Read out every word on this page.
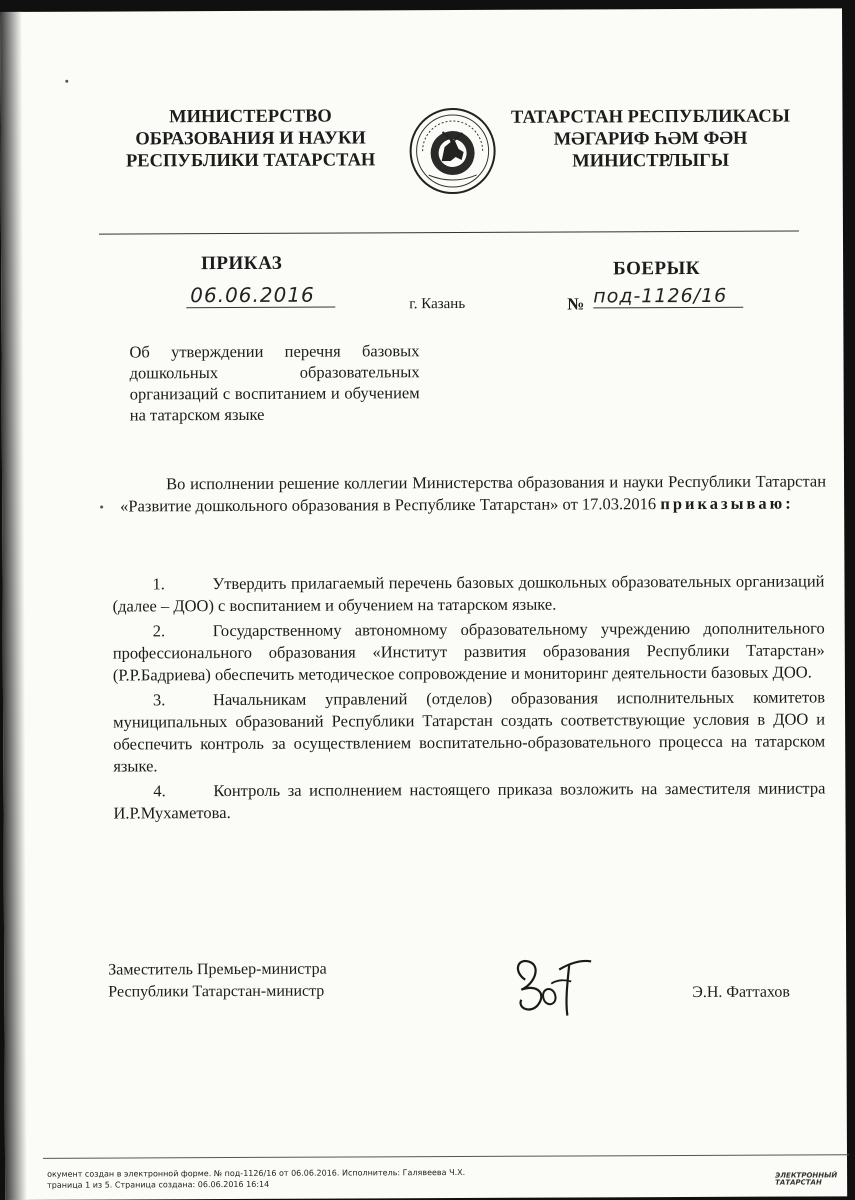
МИНИСТЕРСТВО
ОБРАЗОВАНИЯ И НАУКИ
РЕСПУБЛИКИ ТАТАРСТАН
ТАТАРСТАН РЕСПУБЛИКАСЫ
МӘГАРИФ ҺӘМ ФӘН
МИНИСТРЛЫГЫ
ПРИКАЗ	БОЕРЫК
06.06.2016	г. Казань	№ под-1126/16
Об утверждении перечня базовых дошкольных образовательных организаций с воспитанием и обучением на татарском языке
Во исполнении решение коллегии Министерства образования и науки Республики Татарстан «Развитие дошкольного образования в Республике Татарстан» от 17.03.2016 приказываю:
1.	Утвердить прилагаемый перечень базовых дошкольных образовательных организаций (далее – ДОО) с воспитанием и обучением на татарском языке.
2.	Государственному автономному образовательному учреждению дополнительного профессионального образования «Институт развития образования Республики Татарстан» (Р.Р.Бадриева) обеспечить методическое сопровождение и мониторинг деятельности базовых ДОО.
3.	Начальникам управлений (отделов) образования исполнительных комитетов муниципальных образований Республики Татарстан создать соответствующие условия в ДОО и обеспечить контроль за осуществлением воспитательно-образовательного процесса на татарском языке.
4.	Контроль за исполнением настоящего приказа возложить на заместителя министра И.Р.Мухаметова.
Заместитель Премьер-министра
Республики Татарстан-министр	Э.Н. Фаттахов
окумент создан в электронной форме. № под-1126/16 от 06.06.2016. Исполнитель: Галявеева Ч.Х.
траница 1 из 5. Страница создана: 06.06.2016 16:14
ЭЛЕКТРОННЫЙ
ТАТАРСТАН
